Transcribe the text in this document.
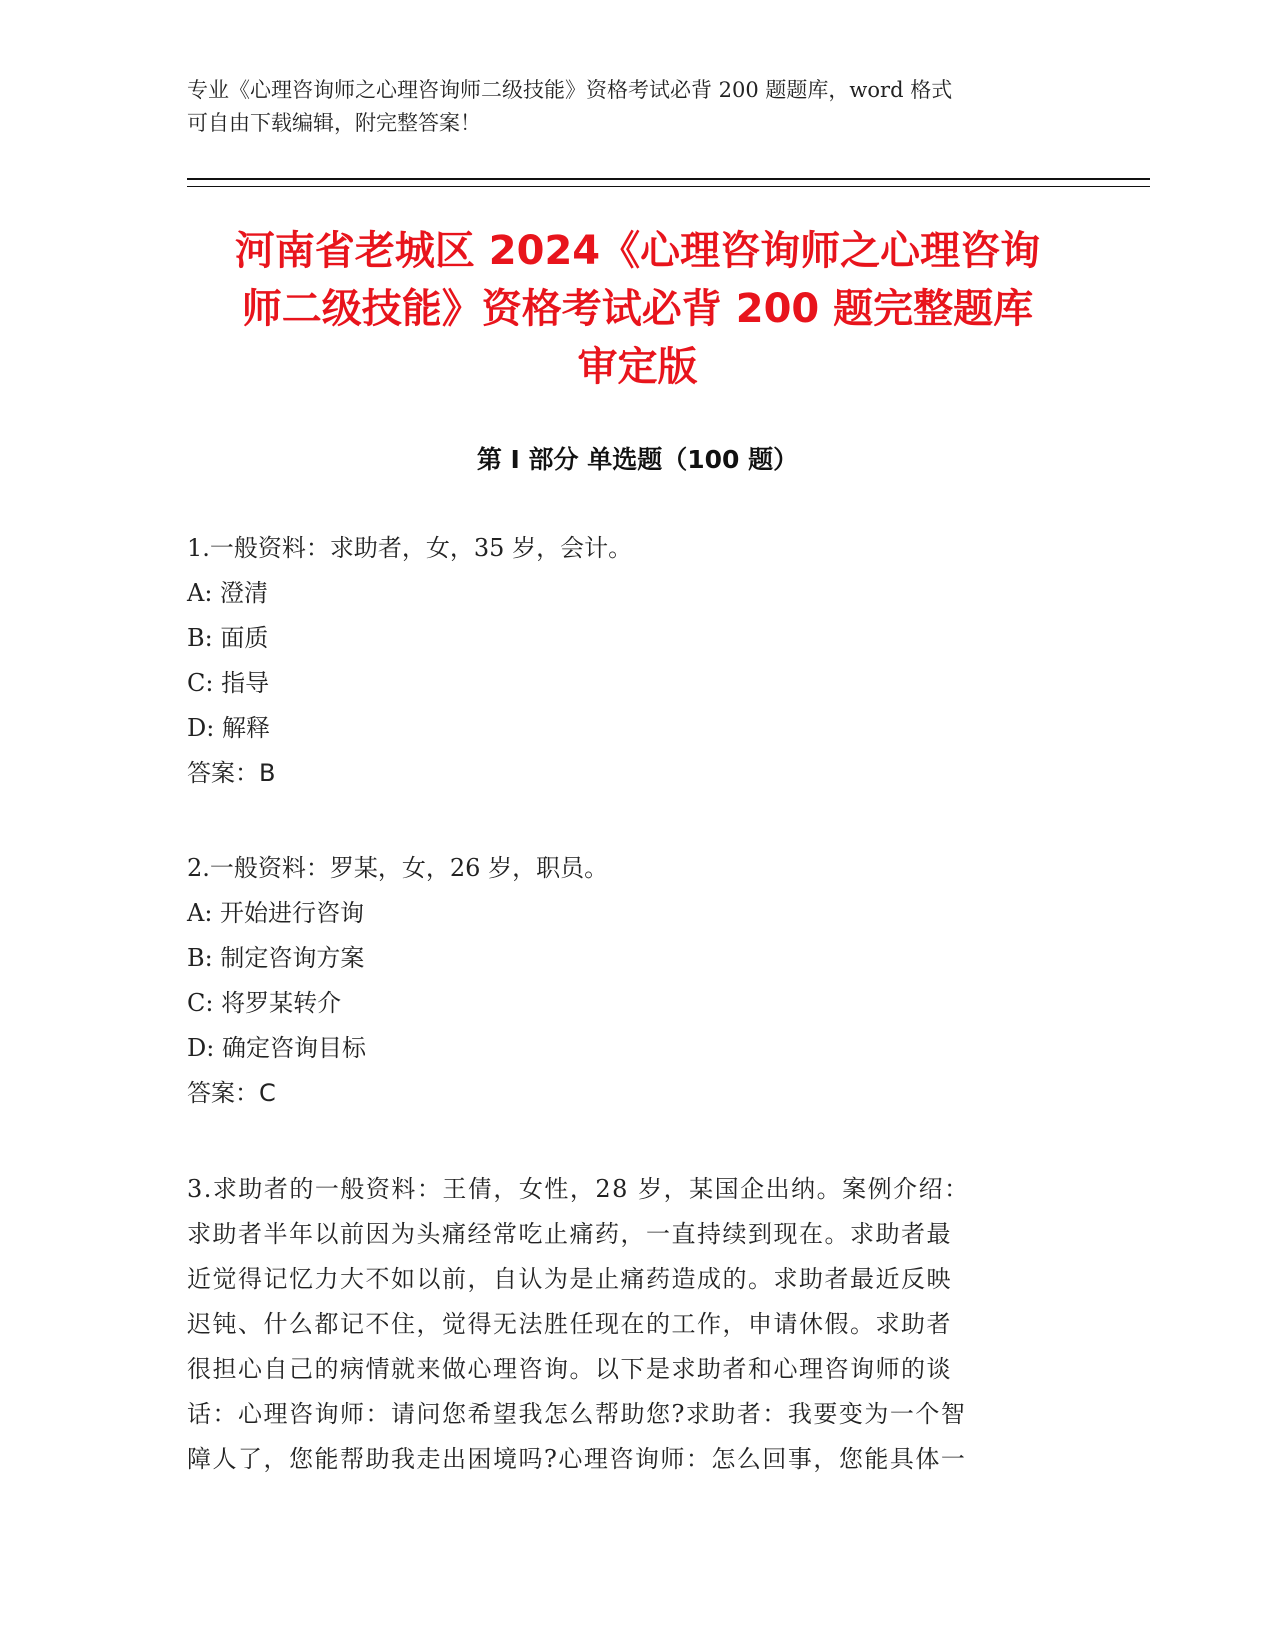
专业《心理咨询师之心理咨询师二级技能》资格考试必背 200 题题库，word 格式
可自由下载编辑，附完整答案！
河南省老城区 2024《心理咨询师之心理咨询
师二级技能》资格考试必背 200 题完整题库
审定版
第 I 部分 单选题（100 题）
1.一般资料：求助者，女，35 岁，会计。
A: 澄清
B: 面质
C: 指导
D: 解释
答案：B
2.一般资料：罗某，女，26 岁，职员。
A: 开始进行咨询
B: 制定咨询方案
C: 将罗某转介
D: 确定咨询目标
答案：C
3.求助者的一般资料：王倩，女性，28 岁，某国企出纳。案例介绍：
求助者半年以前因为头痛经常吃止痛药，一直持续到现在。求助者最
近觉得记忆力大不如以前，自认为是止痛药造成的。求助者最近反映
迟钝、什么都记不住，觉得无法胜任现在的工作，申请休假。求助者
很担心自己的病情就来做心理咨询。以下是求助者和心理咨询师的谈
话：心理咨询师：请问您希望我怎么帮助您?求助者：我要变为一个智
障人了，您能帮助我走出困境吗?心理咨询师：怎么回事，您能具体一
